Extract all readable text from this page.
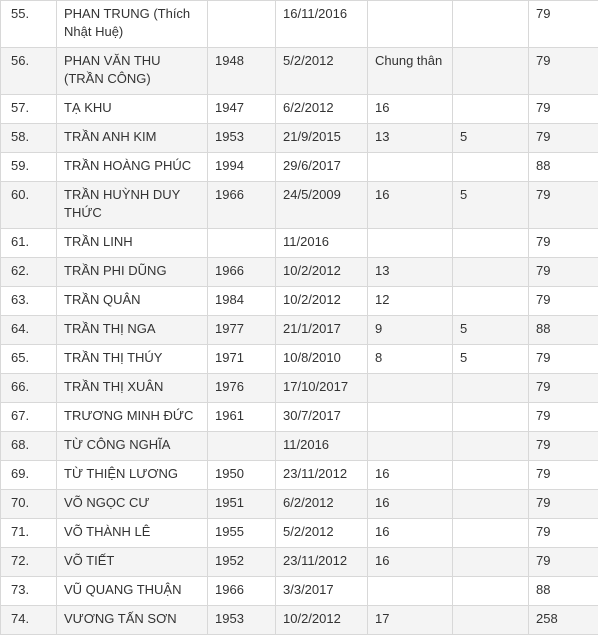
55.	PHAN TRUNG (Thích Nhật Huệ)		16/11/2016			79
56.	PHAN VĂN THU (TRẦN CÔNG)	1948	5/2/2012	Chung thân		79
57.	TẠ KHU	1947	6/2/2012	16		79
58.	TRẦN ANH KIM	1953	21/9/2015	13	5	79
59.	TRẦN HOÀNG PHÚC	1994	29/6/2017			88
60.	TRẦN HUỲNH DUY THỨC	1966	24/5/2009	16	5	79
61.	TRẦN LINH		11/2016			79
62.	TRẦN PHI DŨNG	1966	10/2/2012	13		79
63.	TRẦN QUÂN	1984	10/2/2012	12		79
64.	TRẦN THỊ NGA	1977	21/1/2017	9	5	88
65.	TRẦN THỊ THÚY	1971	10/8/2010	8	5	79
66.	TRẦN THỊ XUÂN	1976	17/10/2017			79
67.	TRƯƠNG MINH ĐỨC	1961	30/7/2017			79
68.	TỪ CÔNG NGHĨA		11/2016			79
69.	TỪ THIỆN LƯƠNG	1950	23/11/2012	16		79
70.	VÕ NGỌC CƯ	1951	6/2/2012	16		79
71.	VÕ THÀNH LÊ	1955	5/2/2012	16		79
72.	VÕ TIẾT	1952	23/11/2012	16		79
73.	VŨ QUANG THUẬN	1966	3/3/2017			88
74.	VƯƠNG TẤN SƠN	1953	10/2/2012	17		258
